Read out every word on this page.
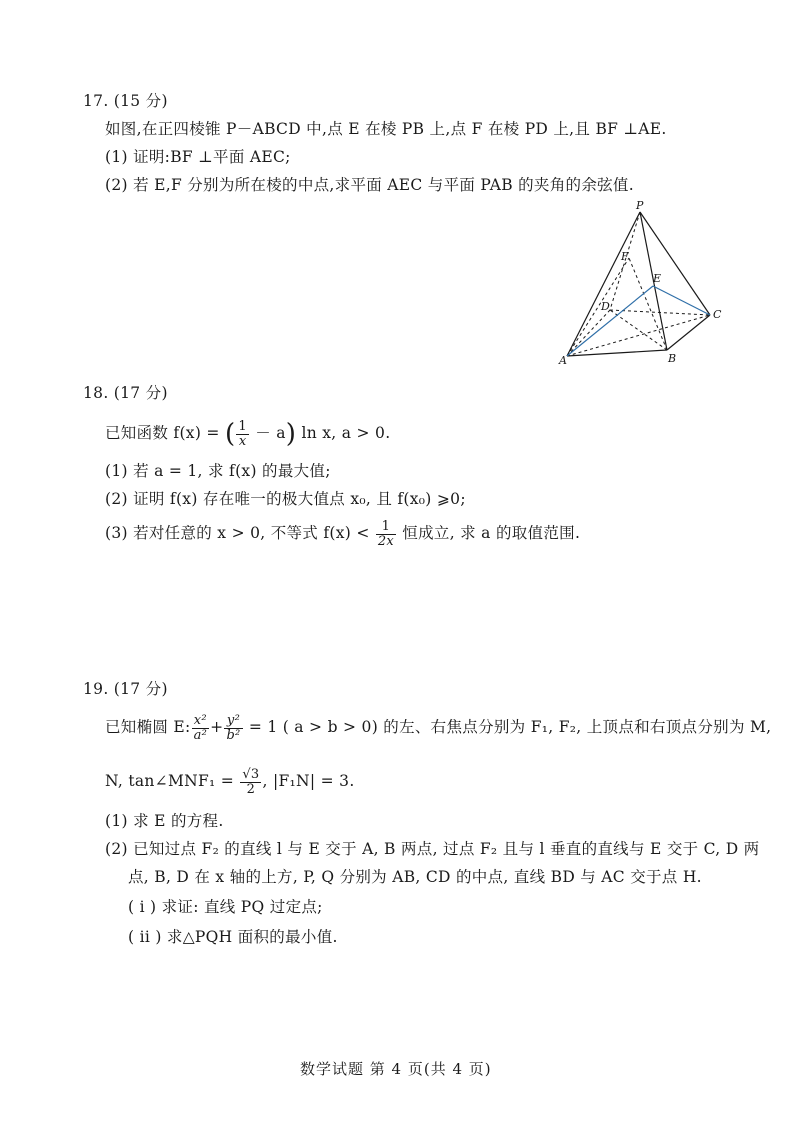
17. (15 分)
如图,在正四棱锥 P－ABCD 中,点 E 在棱 PB 上,点 F 在棱 PD 上,且 BF ⊥AE.
(1) 证明:BF ⊥平面 AEC;
(2) 若 E,F 分别为所在棱的中点,求平面 AEC 与平面 PAB 的夹角的余弦值.
P
F
E
D
C
A	B
18. (17 分)
已知函数 f(x) = ( $\frac{1}{x} - a$) ln x, a > 0.
(1) 若 a = 1, 求 f(x) 的最大值;
(2) 证明 f(x) 存在唯一的极大值点 x₀, 且 f(x₀) ⩾0;
(3) 若对任意的 x > 0, 不等式 $f(x) < \frac{1}{2x}$ 恒成立, 求 a 的取值范围.
19. (17 分)
已知椭圆 E: $\frac{\text{x²}}{\text{a²}} + \frac{\text{y²}}{\text{b²}} = 1$ ( a > b > 0) 的左、右焦点分别为 F₁, F₂, 上顶点和右顶点分别为 M,
N, tan∠MNF₁ = $\frac{√3}{2}$ , |F₁N| = 3.
(1) 求 E 的方程.
(2) 已知过点 F₂ 的直线 l 与 E 交于 A, B 两点, 过点 F₂ 且与 l 垂直的直线与 E 交于 C, D 两
点, B, D 在 x 轴的上方, P, Q 分别为 AB, CD 的中点, 直线 BD 与 AC 交于点 H.
( i ) 求证: 直线 PQ 过定点;
( ii ) 求△PQH 面积的最小值.
数学试题 第 4 页(共 4 页)
